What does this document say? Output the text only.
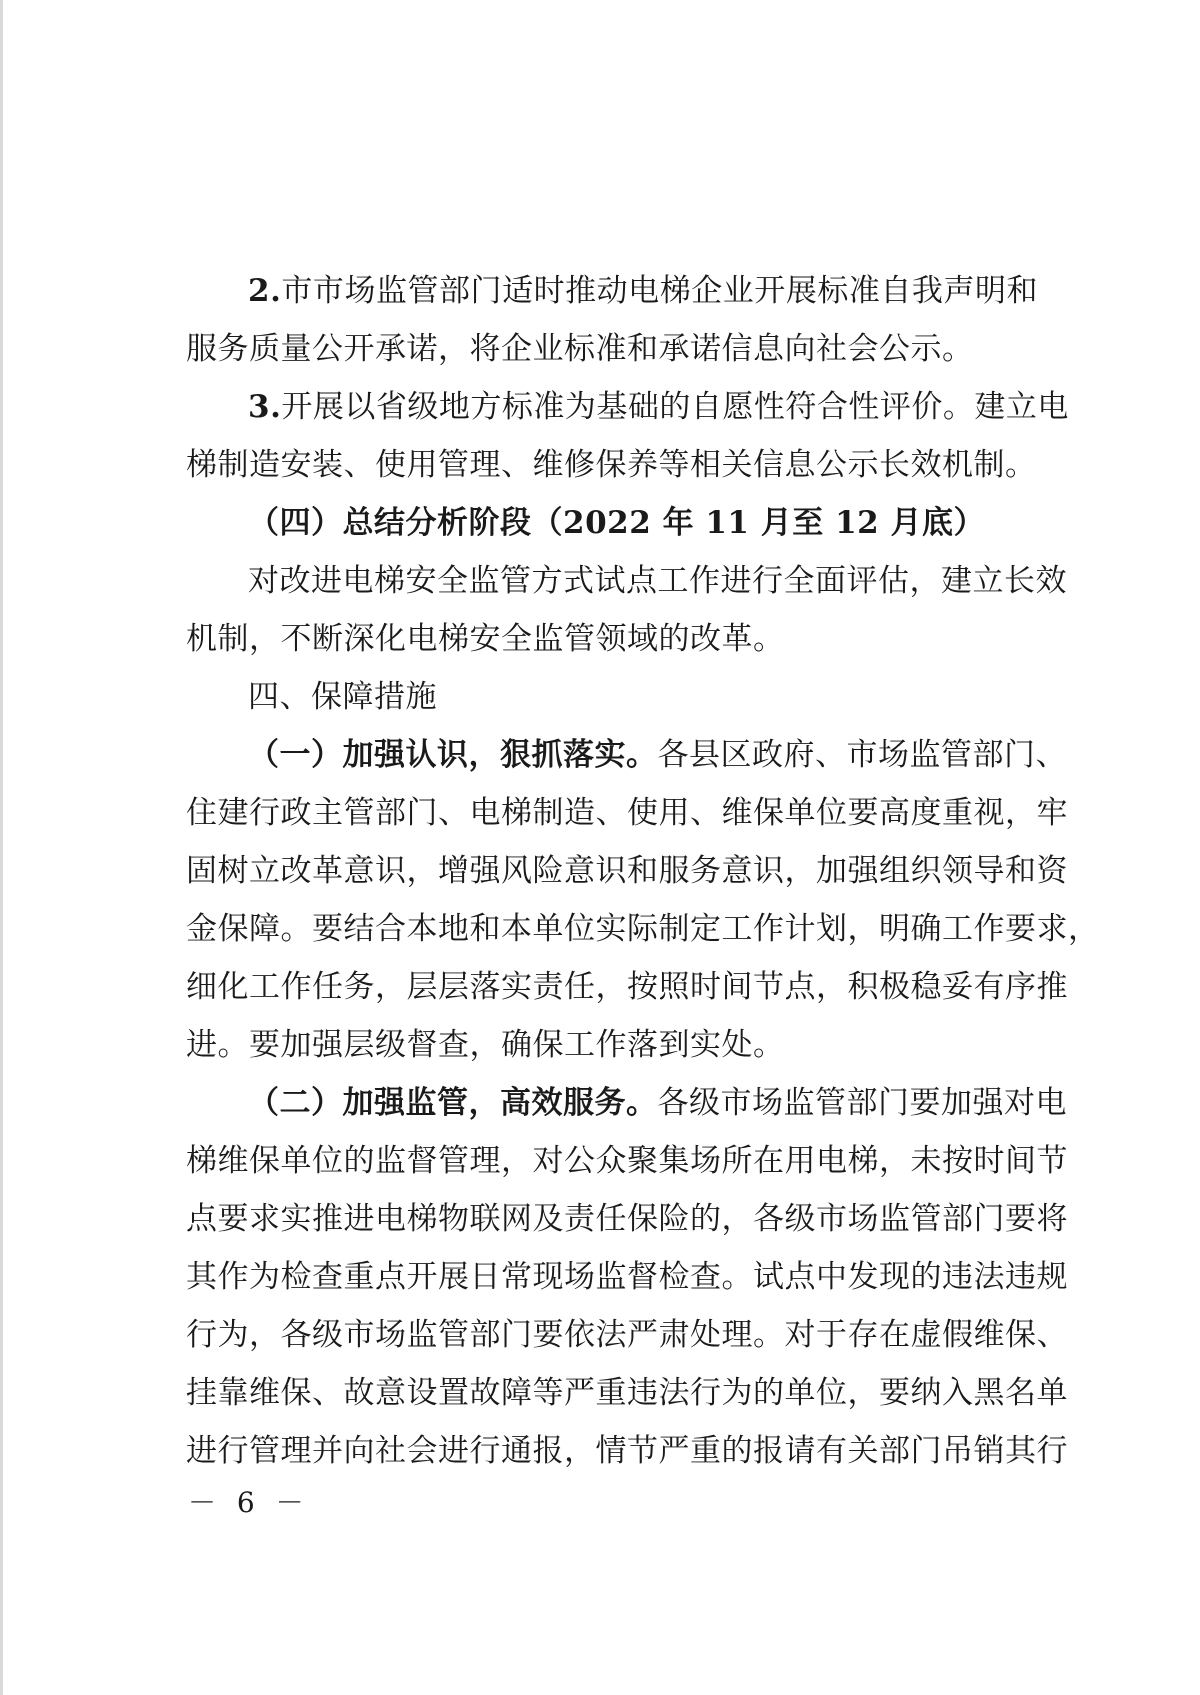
2.市市场监管部门适时推动电梯企业开展标准自我声明和
服务质量公开承诺，将企业标准和承诺信息向社会公示。
3.开展以省级地方标准为基础的自愿性符合性评价。建立电
梯制造安装、使用管理、维修保养等相关信息公示长效机制。
（四）总结分析阶段（2022 年 11 月至 12 月底）
对改进电梯安全监管方式试点工作进行全面评估，建立长效
机制，不断深化电梯安全监管领域的改革。
四、保障措施
（一）加强认识，狠抓落实。各县区政府、市场监管部门、
住建行政主管部门、电梯制造、使用、维保单位要高度重视，牢
固树立改革意识，增强风险意识和服务意识，加强组织领导和资
金保障。要结合本地和本单位实际制定工作计划，明确工作要求，
细化工作任务，层层落实责任，按照时间节点，积极稳妥有序推
进。要加强层级督查，确保工作落到实处。
（二）加强监管，高效服务。各级市场监管部门要加强对电
梯维保单位的监督管理，对公众聚集场所在用电梯，未按时间节
点要求实推进电梯物联网及责任保险的，各级市场监管部门要将
其作为检查重点开展日常现场监督检查。试点中发现的违法违规
行为，各级市场监管部门要依法严肃处理。对于存在虚假维保、
挂靠维保、故意设置故障等严重违法行为的单位，要纳入黑名单
进行管理并向社会进行通报，情节严重的报请有关部门吊销其行
－ 6 －
